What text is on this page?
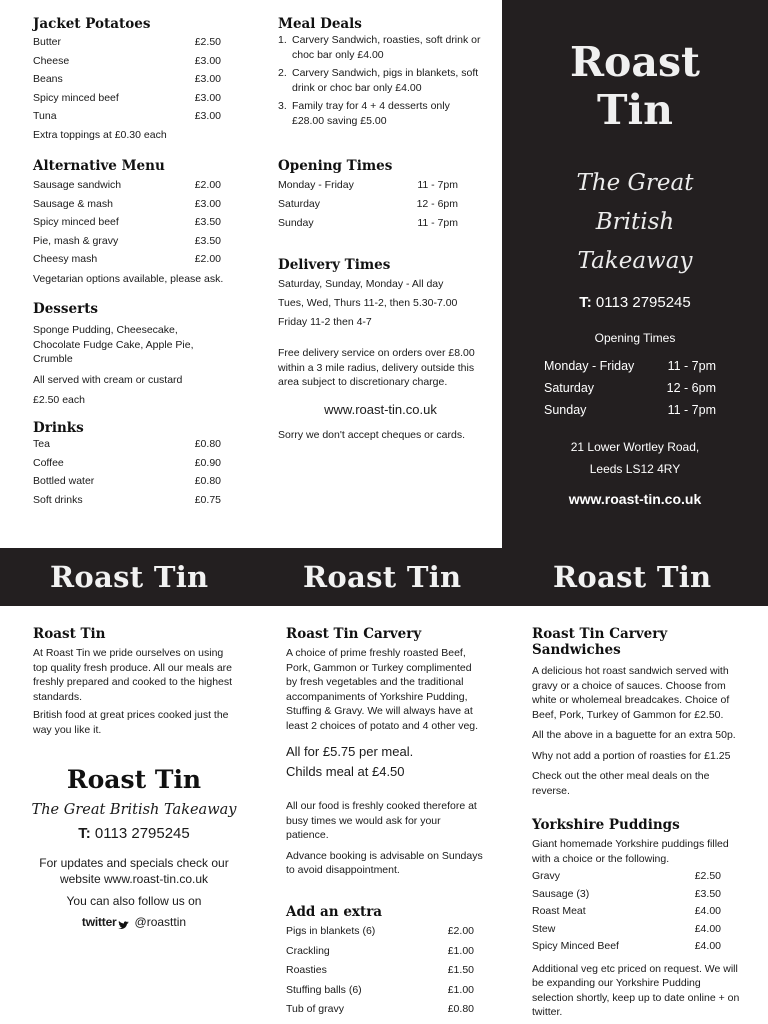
Jacket Potatoes
Butter	£2.50
Cheese	£3.00
Beans	£3.00
Spicy minced beef	£3.00
Tuna	£3.00
Extra toppings at £0.30 each
Alternative Menu
Sausage sandwich	£2.00
Sausage & mash	£3.00
Spicy minced beef	£3.50
Pie, mash & gravy	£3.50
Cheesy mash	£2.00
Vegetarian options available, please ask.
Desserts
Sponge Pudding, Cheesecake, Chocolate Fudge Cake, Apple Pie, Crumble
All served with cream or custard
£2.50 each
Drinks
Tea	£0.80
Coffee	£0.90
Bottled water	£0.80
Soft drinks	£0.75
Meal Deals
1. Carvery Sandwich, roasties, soft drink or choc bar only £4.00
2. Carvery Sandwich, pigs in blankets, soft drink or choc bar only £4.00
3. Family tray for 4 + 4 desserts only £28.00 saving £5.00
Opening Times
Monday - Friday	11 - 7pm
Saturday	12 - 6pm
Sunday	11 - 7pm
Delivery Times
Saturday, Sunday, Monday - All day
Tues, Wed, Thurs 11-2, then 5.30-7.00
Friday 11-2 then 4-7
Free delivery service on orders over £8.00 within a 3 mile radius, delivery outside this area subject to discretionary charge.
www.roast-tin.co.uk
Sorry we don't accept cheques or cards.
Roast
Tin
The Great
British
Takeaway
T: 0113 2795245
Opening Times
Monday - Friday	11 - 7pm
Saturday	12 - 6pm
Sunday	11 - 7pm
21 Lower Wortley Road,
Leeds LS12 4RY
www.roast-tin.co.uk
Roast Tin	Roast Tin	Roast Tin
Roast Tin
At Roast Tin we pride ourselves on using top quality fresh produce. All our meals are freshly prepared and cooked to the highest standards.
British food at great prices cooked just the way you like it.
Roast Tin
The Great British Takeaway
T: 0113 2795245
For updates and specials check our website www.roast-tin.co.uk
You can also follow us on
twitter @roasttin
Roast Tin Carvery
A choice of prime freshly roasted Beef, Pork, Gammon or Turkey complimented by fresh vegetables and the traditional accompaniments of Yorkshire Pudding, Stuffing & Gravy. We will always have at least 2 choices of potato and 4 other veg.
All for £5.75 per meal.
Childs meal at £4.50
All our food is freshly cooked therefore at busy times we would ask for your patience.
Advance booking is advisable on Sundays to avoid disappointment.
Add an extra
Pigs in blankets (6)	£2.00
Crackling	£1.00
Roasties	£1.50
Stuffing balls (6)	£1.00
Tub of gravy	£0.80
Roast Tin Carvery
Sandwiches
A delicious hot roast sandwich served with gravy or a choice of sauces. Choose from white or wholemeal breadcakes. Choice of Beef, Pork, Turkey of Gammon for £2.50.
All the above in a baguette for an extra 50p.
Why not add a portion of roasties for £1.25
Check out the other meal deals on the reverse.
Yorkshire Puddings
Giant homemade Yorkshire puddings filled with a choice or the following.
Gravy	£2.50
Sausage (3)	£3.50
Roast Meat	£4.00
Stew	£4.00
Spicy Minced Beef	£4.00
Additional veg etc priced on request. We will be expanding our Yorkshire Pudding selection shortly, keep up to date online + on twitter.
